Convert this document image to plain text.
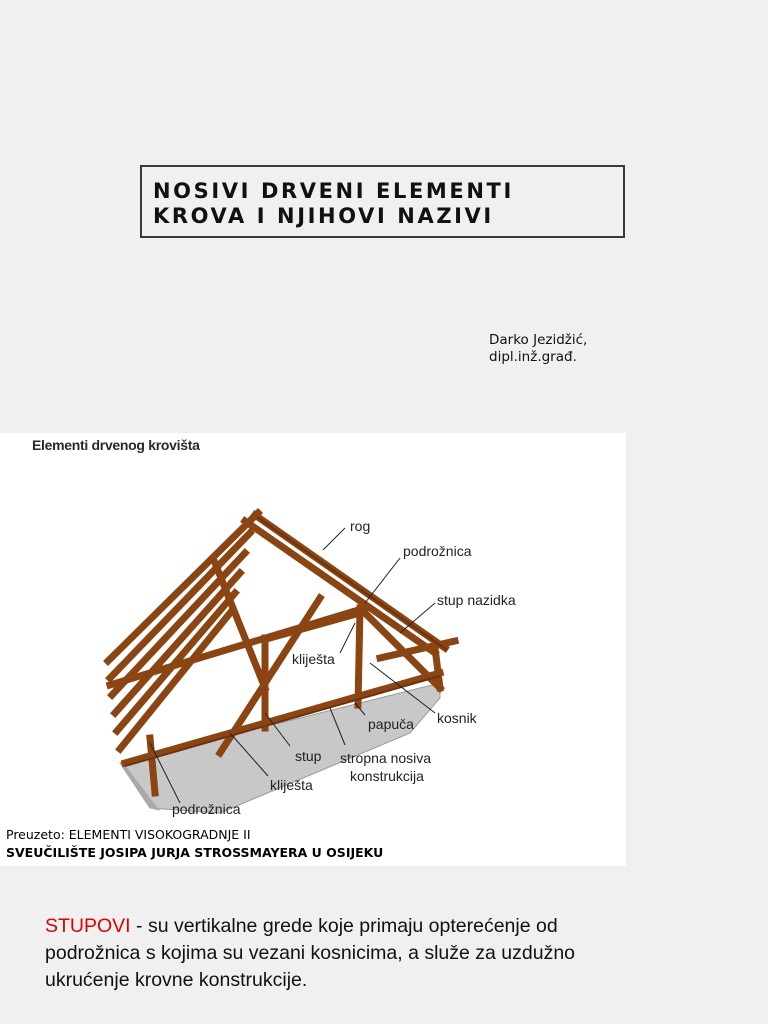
NOSIVI DRVENI ELEMENTI
KROVA I NJIHOVI NAZIVI
Darko Jezidžić,
dipl.inž.građ.
rog
podrožnica
stup nazidka
kliješta
kosnik
papuča
stup stropna nosiva
konstrukcija
kliješta
podrožnica
Elementi drvenog krovišta
Preuzeto: ELEMENTI VISOKOGRADNJE II
SVEUČILIŠTE JOSIPA JURJA STROSSMAYERA U OSIJEKU
STUPOVI - su vertikalne grede koje primaju opterećenje od podrožnica s kojima su vezani kosnicima, a služe za uzdužno ukrućenje krovne konstrukcije.
